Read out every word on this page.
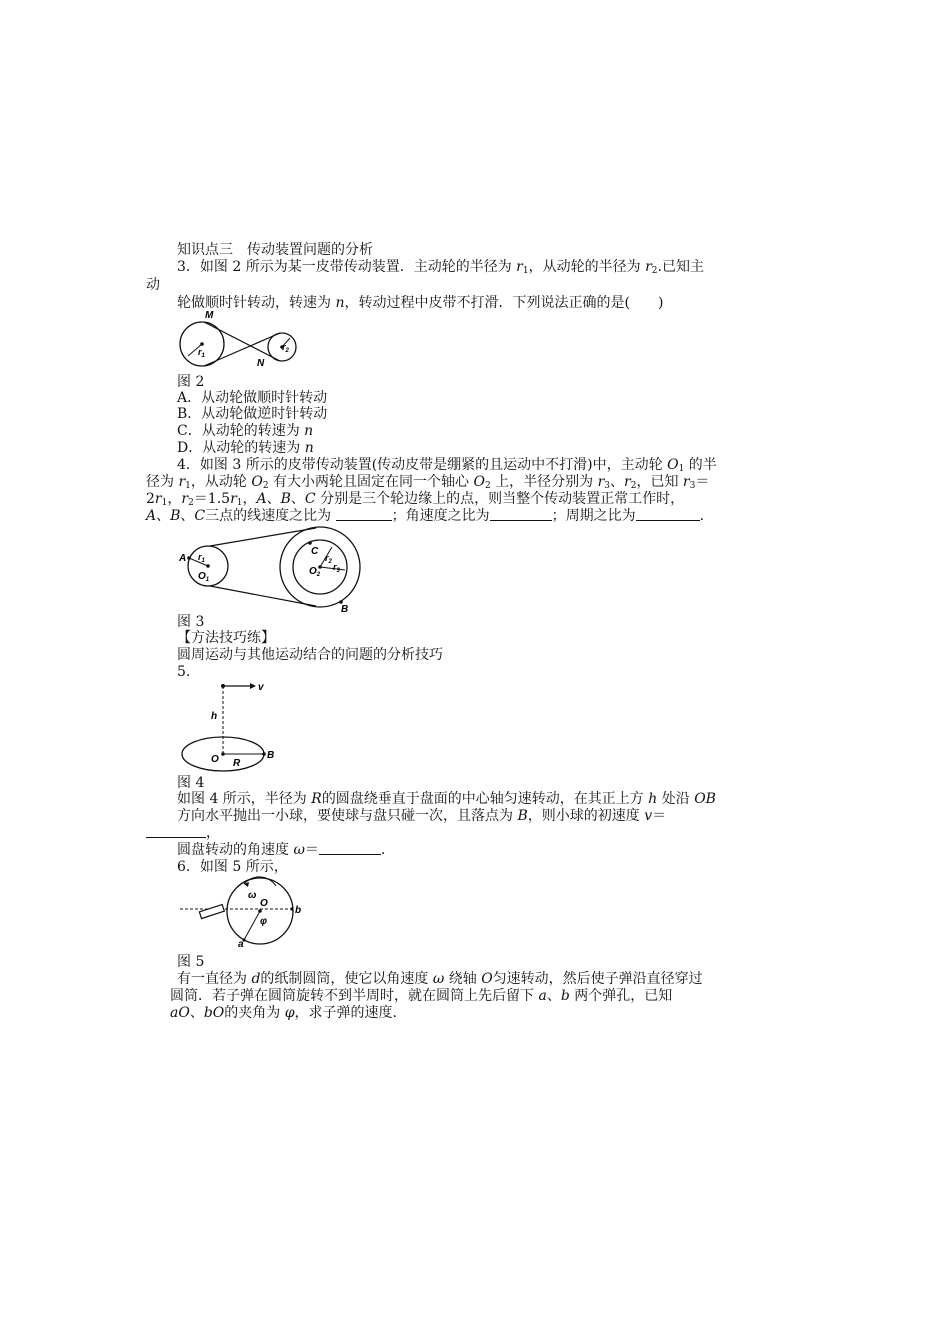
知识点三　传动装置问题的分析
3．如图 2 所示为某一皮带传动装置．主动轮的半径为 $r_1$，从动轮的半径为 $r_2$.已知主
动
轮做顺时针转动，转速为 n，转动过程中皮带不打滑．下列说法正确的是(　　)
M
N
$r_1$
$r_2$
图 2
A．从动轮做顺时针转动
B．从动轮做逆时针转动
C．从动轮的转速为 n
D．从动轮的转速为 n
4．如图 3 所示的皮带传动装置(传动皮带是绷紧的且运动中不打滑)中，主动轮 $O_1$ 的半
径为 $r_1$，从动轮 $O_2$ 有大小两轮且固定在同一个轴心 $O_2$ 上，半径分别为 $r_3$、$r_2$，已知 $r_3=$
$2r_1$，$r_2=1.5r_1$，A、B、C 分别是三个轮边缘上的点，则当整个传动装置正常工作时，
A、B、C三点的线速度之比为	；角速度之比为	；周期之比为	.
A $r_1$
$O_1$
C
$r_2$
$O_2$
$r_3$
B
图 3
【方法技巧练】
圆周运动与其他运动结合的问题的分析技巧
5.
v
h
O R
B
图 4
如图 4 所示，半径为 R的圆盘绕垂直于盘面的中心轴匀速转动，在其正上方 h 处沿 OB
方向水平抛出一小球，要使球与盘只碰一次，且落点为 B，则小球的初速度 v＝
，
圆盘转动的角速度 ω＝	.
6．如图 5 所示，
ω
O
b
a
φ
图 5
有一直径为 d的纸制圆筒，使它以角速度 ω 绕轴 O匀速转动，然后使子弹沿直径穿过
圆筒．若子弹在圆筒旋转不到半周时，就在圆筒上先后留下 a、b 两个弹孔，已知
aO、bO的夹角为 φ，求子弹的速度.
